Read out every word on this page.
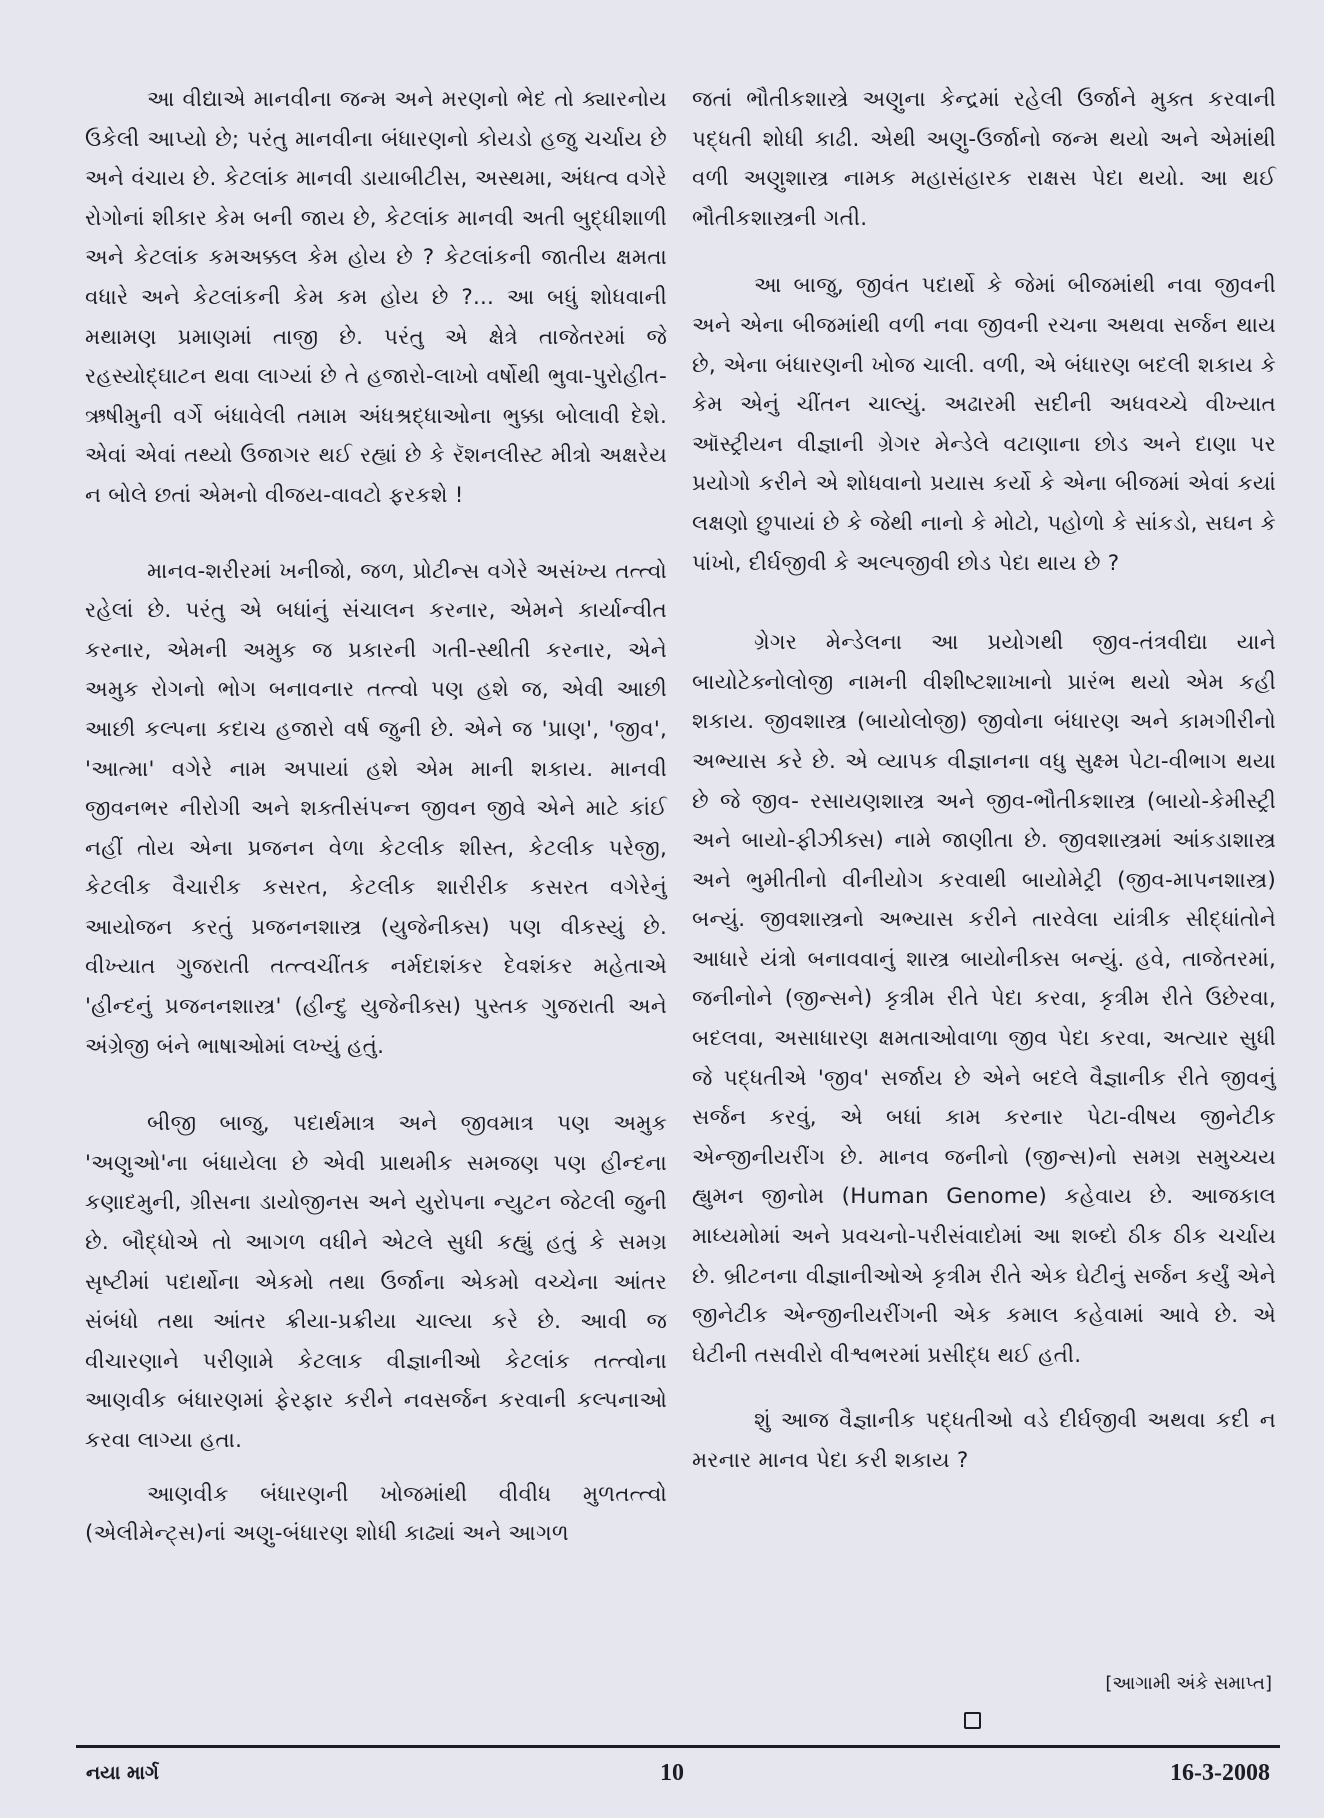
આ વીદ્યાએ માનવીના જન્મ અને મરણનો ભેદ તો ક્યારનોય ઉકેલી આપ્યો છે; પરંતુ માનવીના બંધારણનો કોયડો હજુ ચર્ચાય છે અને વંચાય છે. કેટલાંક માનવી ડાયાબીટીસ, અસ્થમા, અંધત્વ વગેરે રોગોનાં શીકાર કેમ બની જાય છે, કેટલાંક માનવી અતી બુદ્ધીશાળી અને કેટલાંક કમઅક્કલ કેમ હોય છે ? કેટલાંકની જાતીય ક્ષમતા વધારે અને કેટલાંકની કેમ કમ હોય છે ?... આ બધું શોધવાની મથામણ પ્રમાણમાં તાજી છે. પરંતુ એ ક્ષેત્રે તાજેતરમાં જે રહસ્યોદ્ઘાટન થવા લાગ્યાં છે તે હજારો-લાખો વર્ષોથી ભુવા-પુરોહીત-ઋષીમુની વર્ગે બંધાવેલી તમામ અંધશ્રદ્ધાઓના ભુક્કા બોલાવી દેશે. એવાં એવાં તથ્યો ઉજાગર થઈ રહ્યાં છે કે રૅશનલીસ્ટ મીત્રો અક્ષરેય ન બોલે છતાં એમનો વીજય-વાવટો ફરકશે !

માનવ-શરીરમાં ખનીજો, જળ, પ્રોટીન્સ વગેરે અસંખ્ય તત્ત્વો રહેલાં છે. પરંતુ એ બધાંનું સંચાલન કરનાર, એમને કાર્યાન્વીત કરનાર, એમની અમુક જ પ્રકારની ગતી-સ્થીતી કરનાર, એને અમુક રોગનો ભોગ બનાવનાર તત્ત્વો પણ હશે જ, એવી આછી આછી કલ્પના કદાચ હજારો વર્ષ જુની છે. એને જ 'પ્રાણ', 'જીવ', 'આત્મા' વગેરે નામ અપાયાં હશે એમ માની શકાય. માનવી જીવનભર નીરોગી અને શક્તીસંપન્ન જીવન જીવે એને માટે કાંઈ નહીં તોય એના પ્રજનન વેળા કેટલીક શીસ્ત, કેટલીક પરેજી, કેટલીક વૈચારીક કસરત, કેટલીક શારીરીક કસરત વગેરેનું આયોજન કરતું પ્રજનનશાસ્ત્ર (યુજેનીક્સ) પણ વીકસ્યું છે. વીખ્યાત ગુજરાતી તત્ત્વચીંતક નર્મદાશંકર દેવશંકર મહેતાએ 'હીન્દનું પ્રજનનશાસ્ત્ર' (હીન્દુ યુજેનીક્સ) પુસ્તક ગુજરાતી અને અંગ્રેજી બંને ભાષાઓમાં લખ્યું હતું.

બીજી બાજુ, પદાર્થમાત્ર અને જીવમાત્ર પણ અમુક 'અણુઓ'ના બંધાયેલા છે એવી પ્રાથમીક સમજણ પણ હીન્દના કણાદમુની, ગ્રીસના ડાયોજીનસ અને યુરોપના ન્યુટન જેટલી જુની છે. બૌદ્ધોએ તો આગળ વધીને એટલે સુધી કહ્યું હતું કે સમગ્ર સૃષ્ટીમાં પદાર્થોના એકમો તથા ઉર્જાના એકમો વચ્ચેના આંતર સંબંધો તથા આંતર ક્રીયા-પ્રક્રીયા ચાલ્યા કરે છે. આવી જ વીચારણાને પરીણામે કેટલાક વીજ્ઞાનીઓ કેટલાંક તત્ત્વોના આણવીક બંધારણમાં ફેરફાર કરીને નવસર્જન કરવાની કલ્પનાઓ કરવા લાગ્યા હતા.

આણવીક બંધારણની ખોજમાંથી વીવીધ મુળતત્ત્વો (એલીમેન્ટ્સ)નાં અણુ-બંધારણ શોધી કાઢ્યાં અને આગળ

જતાં ભૌતીકશાસ્ત્રે અણુના કેન્દ્રમાં રહેલી ઉર્જાને મુક્ત કરવાની પદ્ધતી શોધી કાઢી. એથી અણુ-ઉર્જાનો જન્મ થયો અને એમાંથી વળી અણુશાસ્ત્ર નામક મહાસંહારક રાક્ષસ પેદા થયો. આ થઈ ભૌતીકશાસ્ત્રની ગતી.

આ બાજુ, જીવંત પદાર્થો કે જેમાં બીજમાંથી નવા જીવની અને એના બીજમાંથી વળી નવા જીવની રચના અથવા સર્જન થાય છે, એના બંધારણની ખોજ ચાલી. વળી, એ બંધારણ બદલી શકાય કે કેમ એનું ચીંતન ચાલ્યું. અઢારમી સદીની અધવચ્ચે વીખ્યાત ઑસ્ટ્રીયન વીજ્ઞાની ગ્રેગર મેન્ડેલે વટાણાના છોડ અને દાણા પર પ્રયોગો કરીને એ શોધવાનો પ્રયાસ કર્યો કે એના બીજમાં એવાં કયાં લક્ષણો છુપાયાં છે કે જેથી નાનો કે મોટો, પહોળો કે સાંકડો, સઘન કે પાંખો, દીર્ઘજીવી કે અલ્પજીવી છોડ પેદા થાય છે ?

ગ્રેગર મેન્ડેલના આ પ્રયોગથી જીવ-તંત્રવીદ્યા યાને બાયોટેક્નોલોજી નામની વીશીષ્ટશાખાનો પ્રારંભ થયો એમ કહી શકાય. જીવશાસ્ત્ર (બાયોલોજી) જીવોના બંધારણ અને કામગીરીનો અભ્યાસ કરે છે. એ વ્યાપક વીજ્ઞાનના વધુ સુક્ષ્મ પેટા-વીભાગ થયા છે જે જીવ- રસાયણશાસ્ત્ર અને જીવ-ભૌતીકશાસ્ત્ર (બાયો-કેમીસ્ટ્રી અને બાયો-ફીઝીક્સ) નામે જાણીતા છે. જીવશાસ્ત્રમાં આંકડાશાસ્ત્ર અને ભુમીતીનો વીનીયોગ કરવાથી બાયોમેટ્રી (જીવ-માપનશાસ્ત્ર) બન્યું. જીવશાસ્ત્રનો અભ્યાસ કરીને તારવેલા યાંત્રીક સીદ્ધાંતોને આધારે યંત્રો બનાવવાનું શાસ્ત્ર બાયોનીક્સ બન્યું. હવે, તાજેતરમાં, જનીનોને (જીન્સને) કૃત્રીમ રીતે પેદા કરવા, કૃત્રીમ રીતે ઉછેરવા, બદલવા, અસાધારણ ક્ષમતાઓવાળા જીવ પેદા કરવા, અત્યાર સુધી જે પદ્ધતીએ 'જીવ' સર્જાય છે એને બદલે વૈજ્ઞાનીક રીતે જીવનું સર્જન કરવું, એ બધાં કામ કરનાર પેટા-વીષય જીનેટીક એન્જીનીયરીંગ છે. માનવ જનીનો (જીન્સ)નો સમગ્ર સમુચ્ચય હ્યુમન જીનોમ (Human Genome) કહેવાય છે. આજકાલ માધ્યમોમાં અને પ્રવચનો-પરીસંવાદોમાં આ શબ્દો ઠીક ઠીક ચર્ચાય છે. બ્રીટનના વીજ્ઞાનીઓએ કૃત્રીમ રીતે એક ઘેટીનું સર્જન કર્યું એને જીનેટીક એન્જીનીયરીંગની એક કમાલ કહેવામાં આવે છે. એ ઘેટીની તસવીરો વીશ્વભરમાં પ્રસીદ્ધ થઈ હતી.

શું આજ વૈજ્ઞાનીક પદ્ધતીઓ વડે દીર્ઘજીવી અથવા કદી ન મરનાર માનવ પેદા કરી શકાય ?

[આગામી અંકે સમાપ્ત]
નયા માર્ગ	10	16-3-2008
